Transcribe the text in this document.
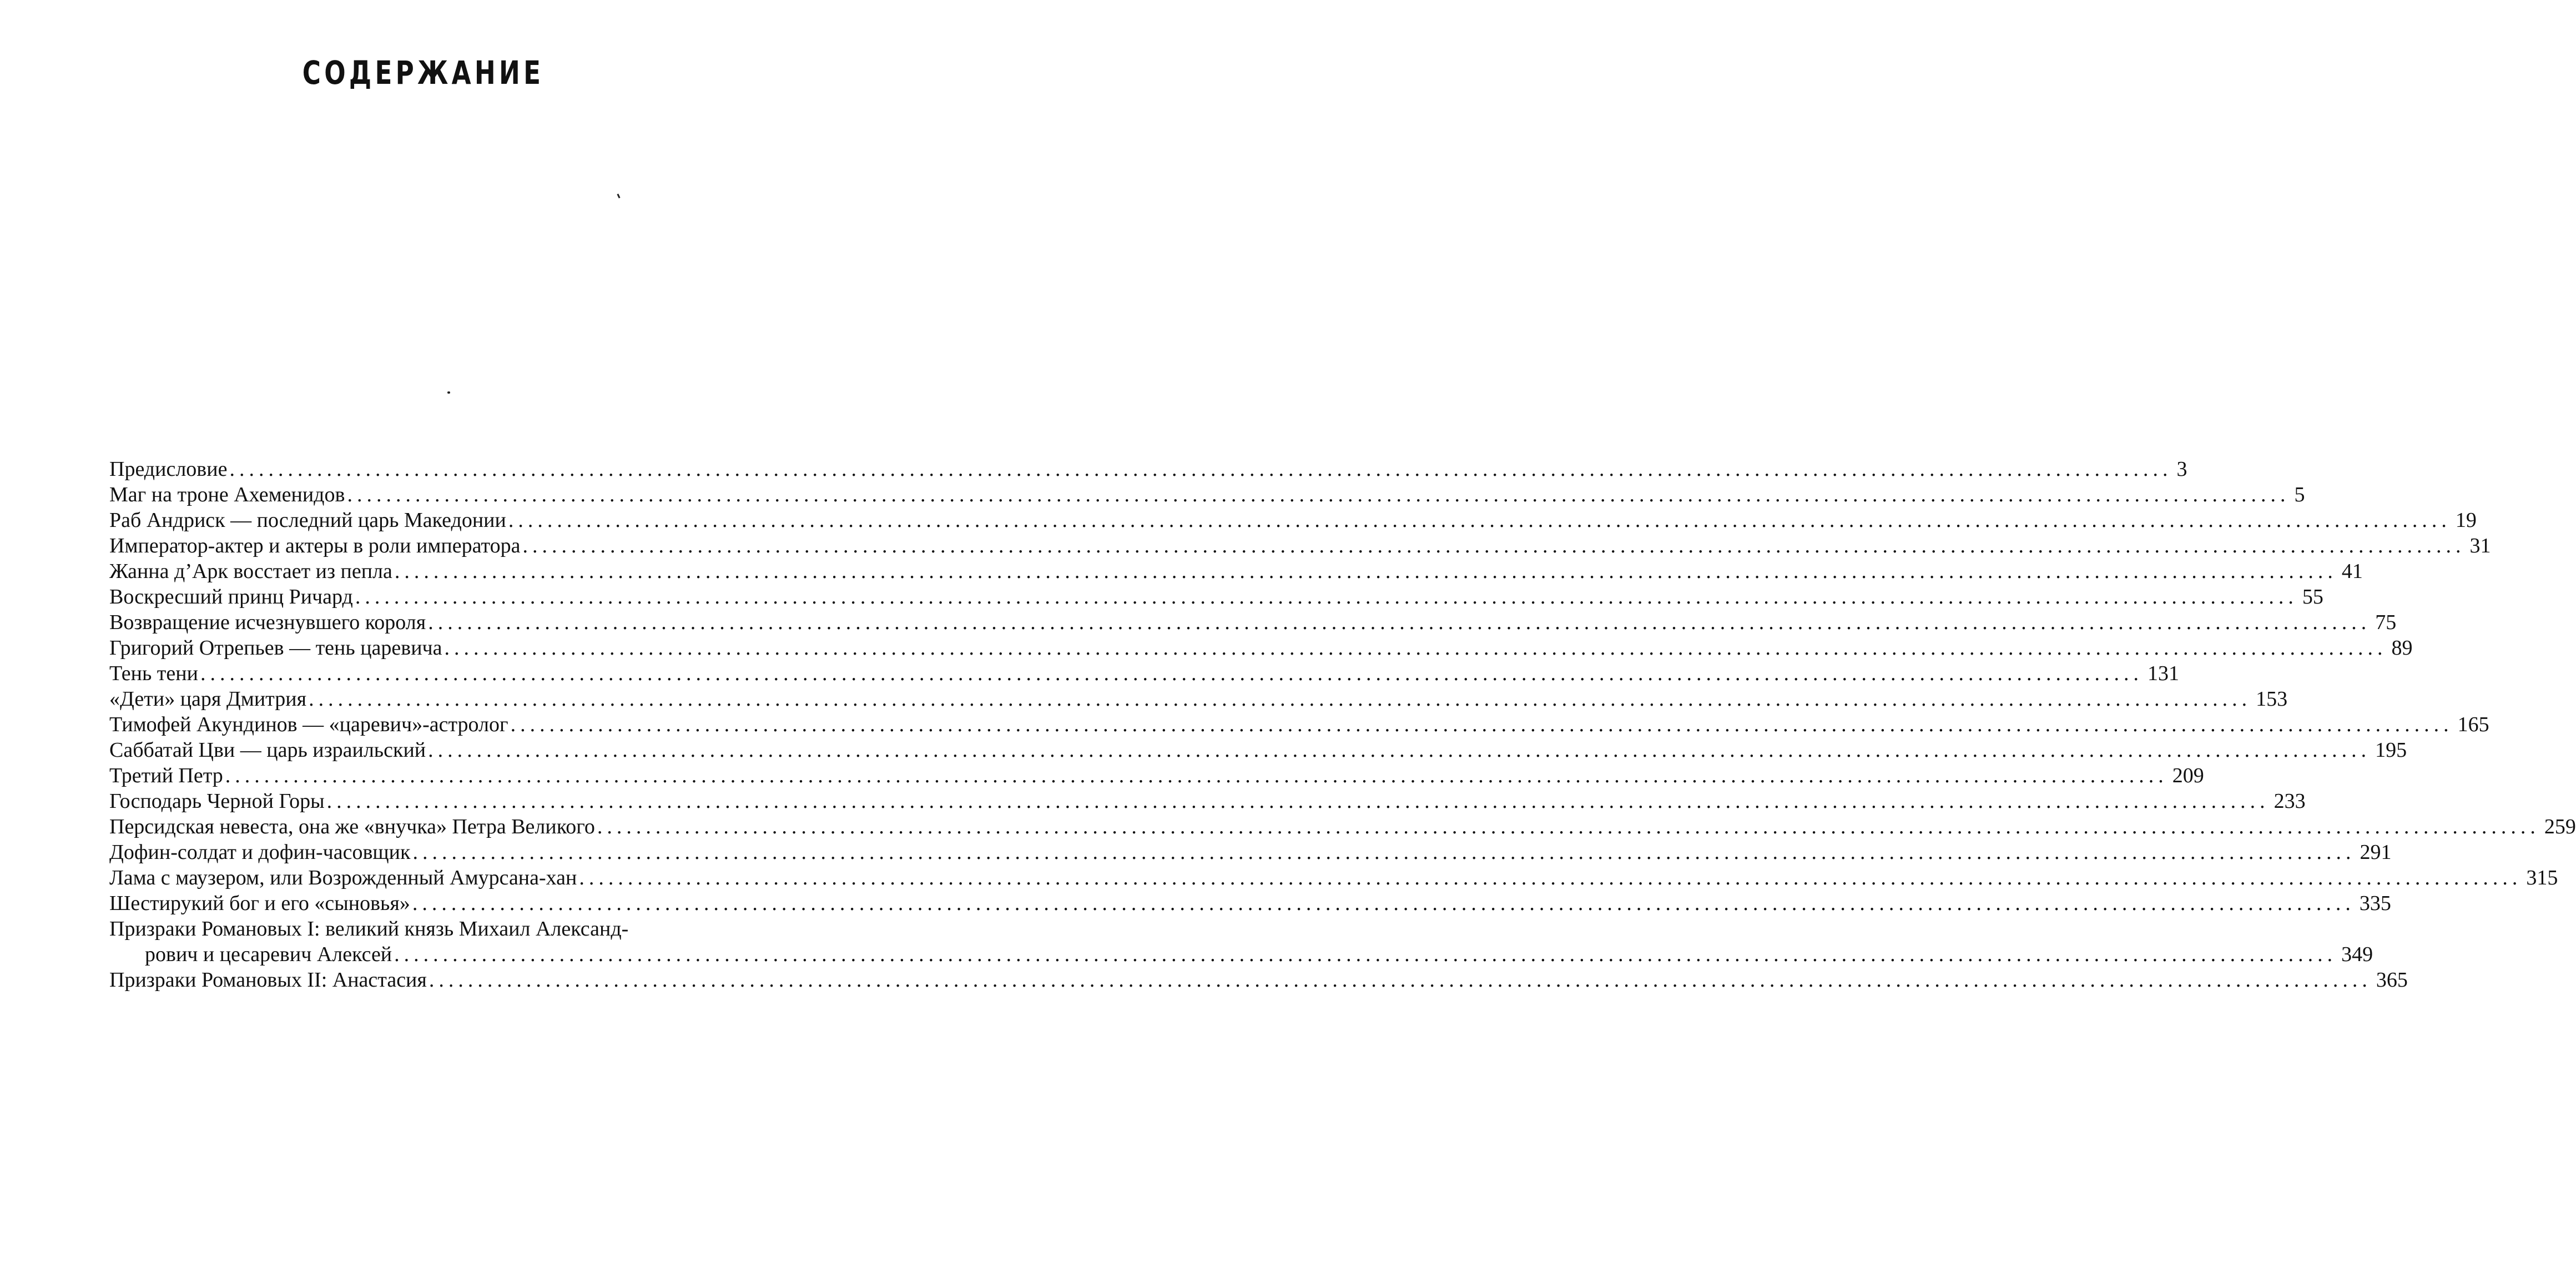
СОДЕРЖАНИЕ
Предисловие ........................................................................................................................................................................................................ 3
Маг на троне Ахеменидов ........................................................................................................................................................................................................ 5
Раб Андриск — последний царь Македонии ........................................................................................................................................................................................................ 19
Император-актер и актеры в роли императора ........................................................................................................................................................................................................ 31
Жанна д’Арк восстает из пепла ........................................................................................................................................................................................................ 41
Воскресший принц Ричард ........................................................................................................................................................................................................ 55
Возвращение исчезнувшего короля ........................................................................................................................................................................................................ 75
Григорий Отрепьев — тень царевича ........................................................................................................................................................................................................ 89
Тень тени ........................................................................................................................................................................................................ 131
«Дети» царя Дмитрия ........................................................................................................................................................................................................ 153
Тимофей Акундинов — «царевич»-астролог ........................................................................................................................................................................................................ 165
Саббатай Цви — царь израильский ........................................................................................................................................................................................................ 195
Третий Петр ........................................................................................................................................................................................................ 209
Господарь Черной Горы ........................................................................................................................................................................................................ 233
Персидская невеста, она же «внучка» Петра Великого ........................................................................................................................................................................................................ 259
Дофин-солдат и дофин-часовщик ........................................................................................................................................................................................................ 291
Лама с маузером, или Возрожденный Амурсана-хан ........................................................................................................................................................................................................ 315
Шестирукий бог и его «сыновья» ........................................................................................................................................................................................................ 335
Призраки Романовых I: великий князь Михаил Александ-
рович и цесаревич Алексей ........................................................................................................................................................................................................ 349
Призраки Романовых II: Анастасия ........................................................................................................................................................................................................ 365
